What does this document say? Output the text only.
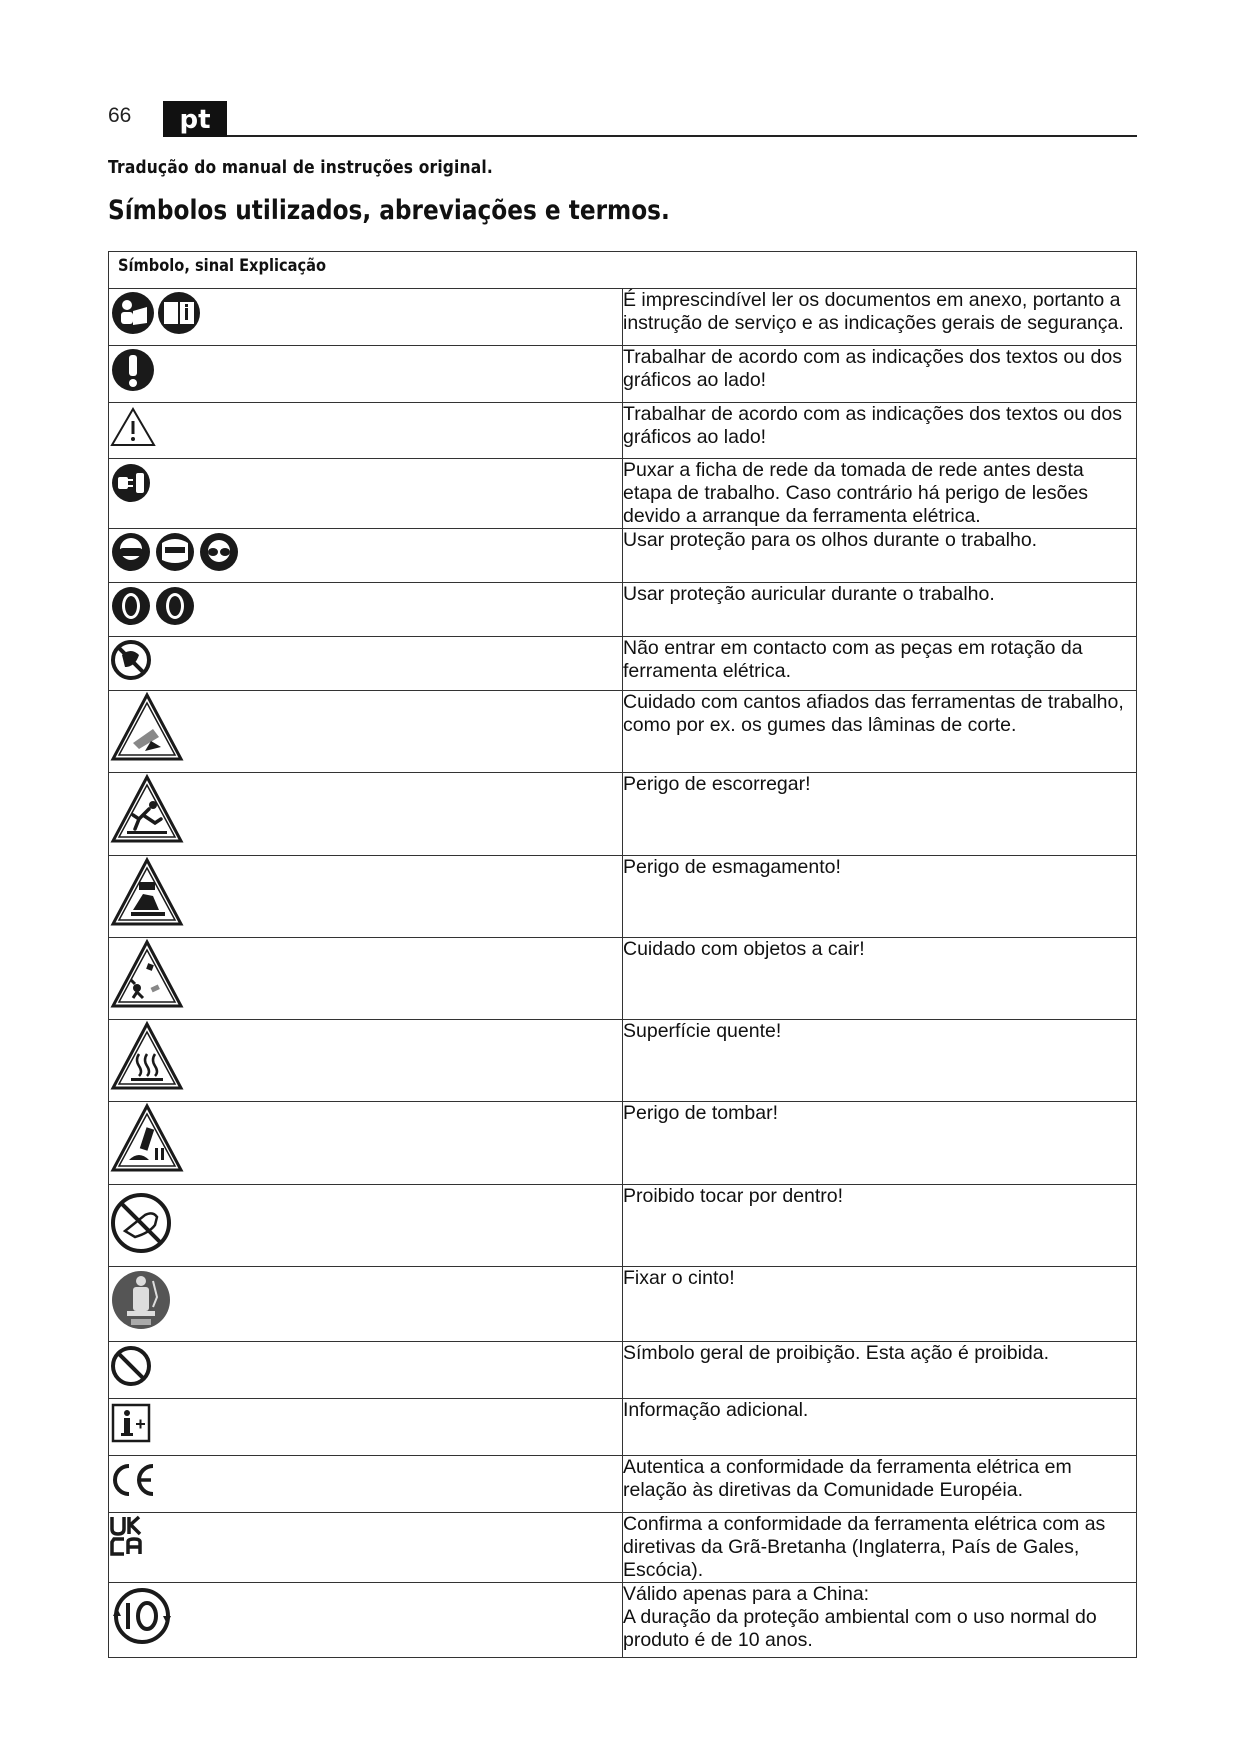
66	pt
Tradução do manual de instruções original.
Símbolos utilizados, abreviações e termos.
Símbolo, sinal Explicação	

É imprescindível ler os documentos em anexo, portanto a instrução de serviço e as indicações gerais de segurança.

Trabalhar de acordo com as indicações dos textos ou dos gráficos ao lado!

Trabalhar de acordo com as indicações dos textos ou dos gráficos ao lado!

Puxar a ficha de rede da tomada de rede antes desta etapa de trabalho. Caso contrário há perigo de lesões devido a arranque da ferramenta elétrica.

Usar proteção para os olhos durante o trabalho.

Usar proteção auricular durante o trabalho.

Não entrar em contacto com as peças em rotação da ferramenta elétrica.

Cuidado com cantos afiados das ferramentas de trabalho, como por ex. os gumes das lâminas de corte.

Perigo de escorregar!

Perigo de esmagamento!

Cuidado com objetos a cair!

Superfície quente!

Perigo de tombar!

Proibido tocar por dentro!

Fixar o cinto!

Símbolo geral de proibição. Esta ação é proibida.

Informação adicional.

Autentica a conformidade da ferramenta elétrica em relação às diretivas da Comunidade Européia.

Confirma a conformidade da ferramenta elétrica com as diretivas da Grã-Bretanha (Inglaterra, País de Gales, Escócia).

Válido apenas para a China:
A duração da proteção ambiental com o uso normal do produto é de 10 anos.
